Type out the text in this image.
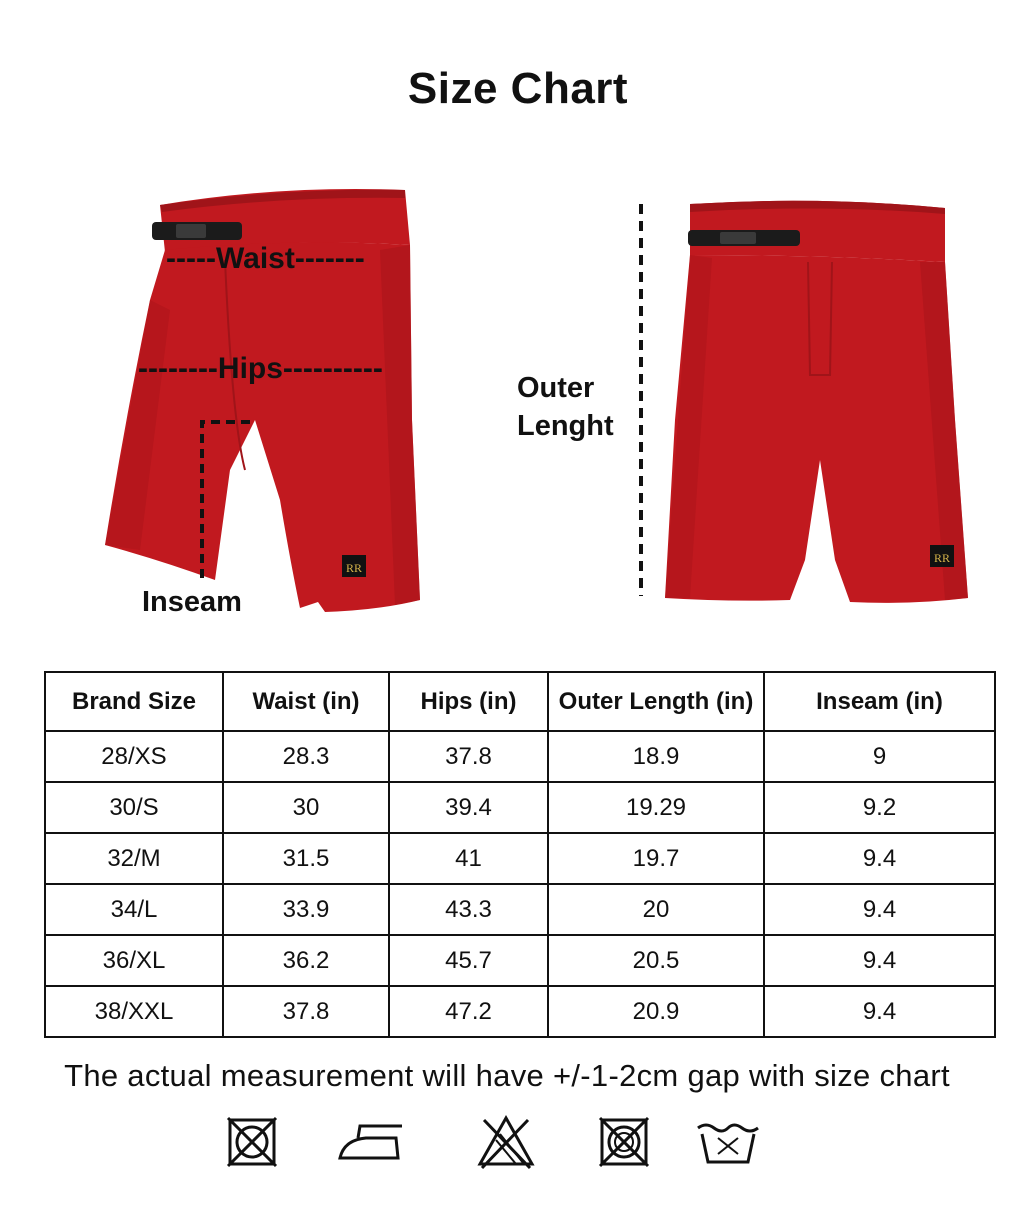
Size Chart
RR
RR
-----Waist-------
--------Hips----------
Inseam
Outer
Lenght
Brand Size	Waist (in)	Hips (in)	Outer Length (in)	Inseam (in)
28/XS	28.3	37.8	18.9	9
30/S	30	39.4	19.29	9.2
32/M	31.5	41	19.7	9.4
34/L	33.9	43.3	20	9.4
36/XL	36.2	45.7	20.5	9.4
38/XXL	37.8	47.2	20.9	9.4
The actual measurement will have +/-1-2cm gap with size chart
